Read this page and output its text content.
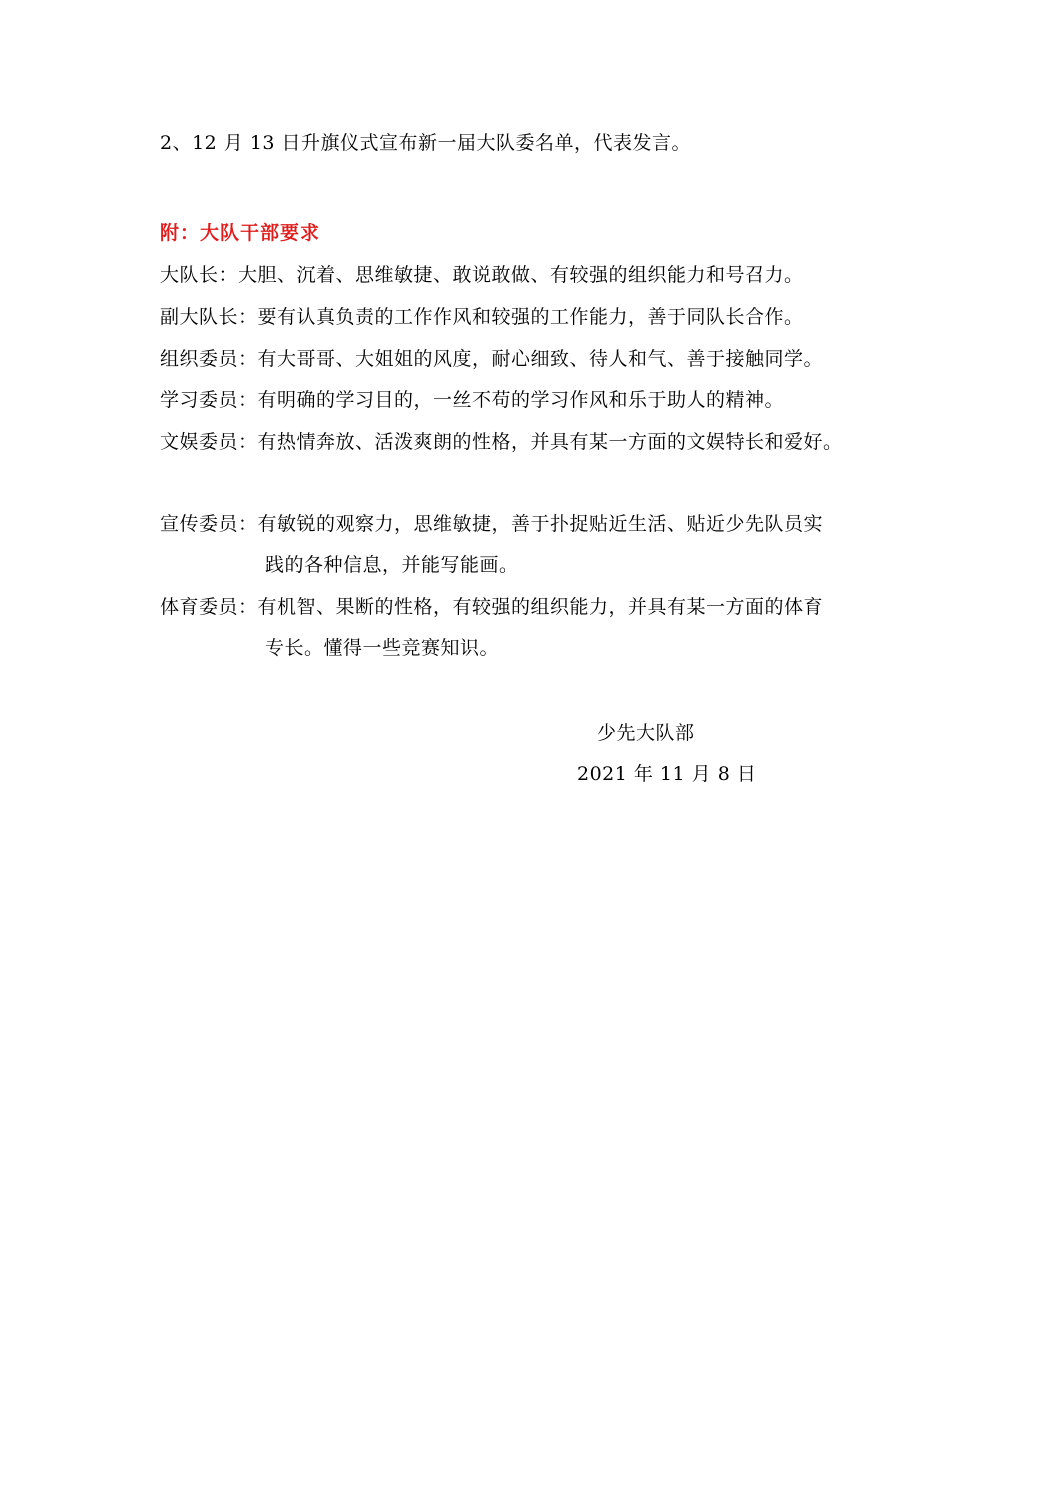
2、12 月 13 日升旗仪式宣布新一届大队委名单，代表发言。
附：大队干部要求
大队长：大胆、沉着、思维敏捷、敢说敢做、有较强的组织能力和号召力。
副大队长：要有认真负责的工作作风和较强的工作能力，善于同队长合作。
组织委员：有大哥哥、大姐姐的风度，耐心细致、待人和气、善于接触同学。
学习委员：有明确的学习目的，一丝不苟的学习作风和乐于助人的精神。
文娱委员：有热情奔放、活泼爽朗的性格，并具有某一方面的文娱特长和爱好。
宣传委员：有敏锐的观察力，思维敏捷，善于扑捉贴近生活、贴近少先队员实
践的各种信息，并能写能画。
体育委员：有机智、果断的性格，有较强的组织能力，并具有某一方面的体育
专长。懂得一些竞赛知识。
少先大队部
2021 年 11 月 8 日
